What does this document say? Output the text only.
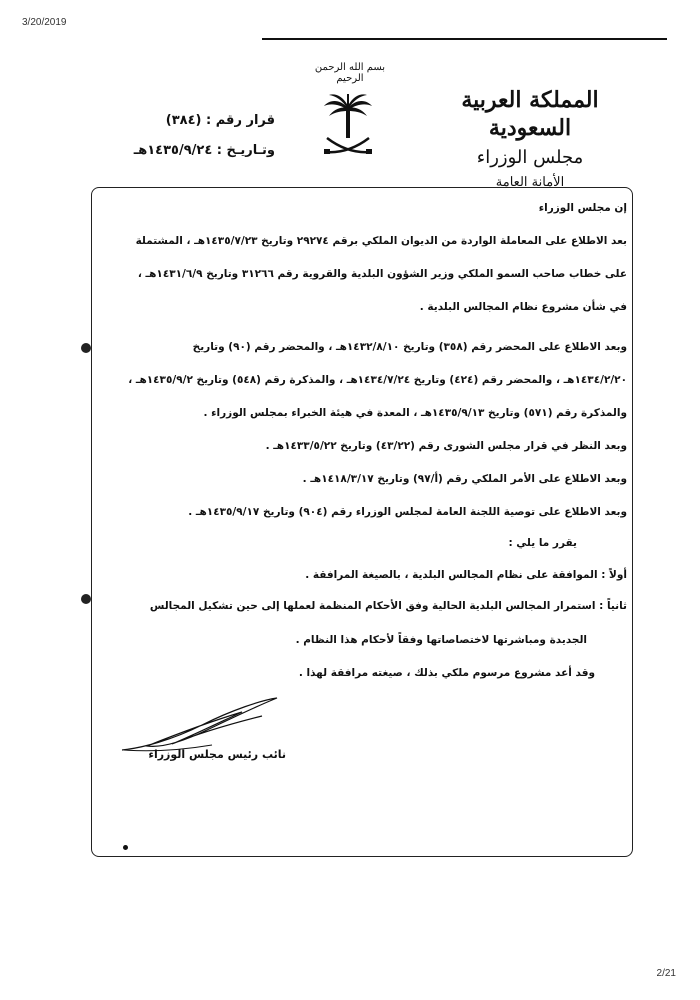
3/20/2019
بسم الله الرحمن الرحيم
المملكة العربية السعودية
مجلس الوزراء
الأمانة العامة
قرار رقم : (٣٨٤)
وتـاريـخ : ١٤٣٥/٩/٢٤هـ
إن مجلس الوزراء
بعد الاطلاع على المعاملة الواردة من الديوان الملكي برقم ٢٩٢٧٤ وتاريخ ١٤٣٥/٧/٢٣هـ ، المشتملة
على خطاب صاحب السمو الملكي وزير الشؤون البلدية والقروية رقم ٣١٢٦٦ وتاريخ ١٤٣١/٦/٩هـ ،
في شأن مشروع نظام المجالس البلدية .
وبعد الاطلاع على المحضر رقم (٣٥٨) وتاريخ ١٤٣٢/٨/١٠هـ ، والمحضر رقم (٩٠) وتاريخ
١٤٣٤/٢/٢٠هـ ، والمحضر رقم (٤٢٤) وتاريخ ١٤٣٤/٧/٢٤هـ ، والمذكرة رقم (٥٤٨) وتاريخ ١٤٣٥/٩/٢هـ ،
والمذكرة رقم (٥٧١) وتاريخ ١٤٣٥/٩/١٣هـ ، المعدة في هيئة الخبراء بمجلس الوزراء .
وبعد النظر في قرار مجلس الشورى رقم (٤٣/٢٢) وتاريخ ١٤٣٣/٥/٢٢هـ .
وبعد الاطلاع على الأمر الملكي رقم (أ/٩٧) وتاريخ ١٤١٨/٣/١٧هـ .
وبعد الاطلاع على توصية اللجنة العامة لمجلس الوزراء رقم (٩٠٤) وتاريخ ١٤٣٥/٩/١٧هـ .
يقرر ما يلي :
أولاً : الموافقة على نظام المجالس البلدية ، بالصيغة المرافقة .
ثانياً : استمرار المجالس البلدية الحالية وفق الأحكام المنظمة لعملها إلى حين تشكيل المجالس
الجديدة ومباشرتها لاختصاصاتها وفقاً لأحكام هذا النظام .
وقد أعد مشروع مرسوم ملكي بذلك ، صيغته مرافقة لهذا .
نائب رئيس مجلس الوزراء
2/21
